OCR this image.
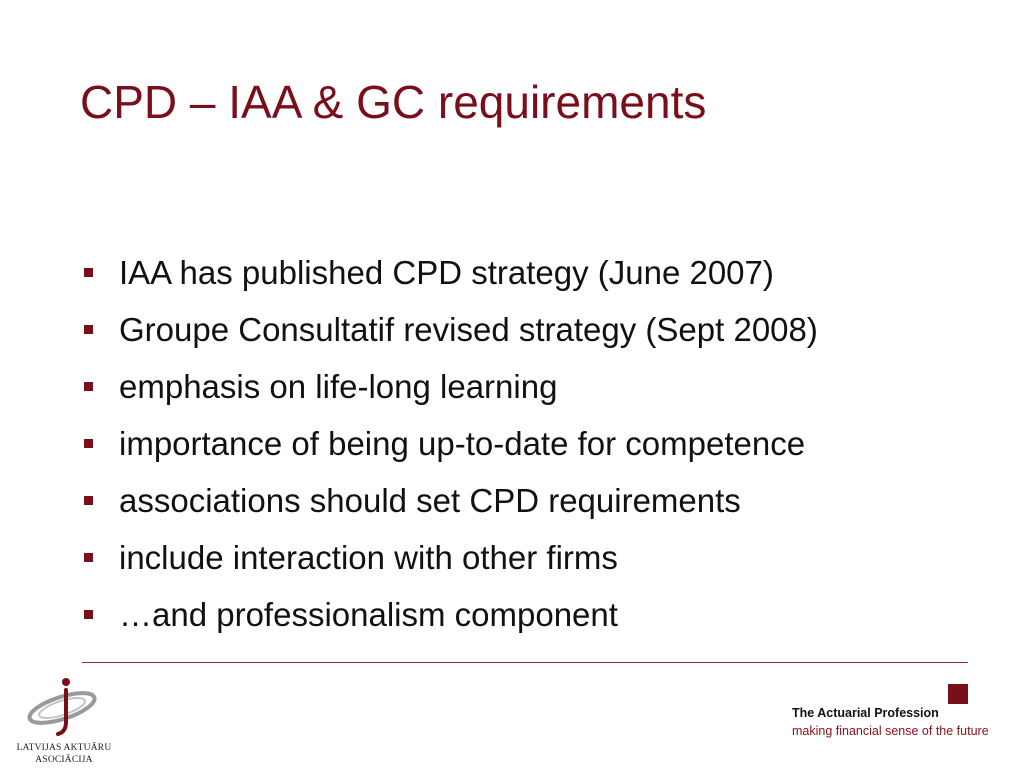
CPD – IAA & GC requirements
IAA has published CPD strategy (June 2007)
Groupe Consultatif revised strategy (Sept 2008)
emphasis on life-long learning
importance of being up-to-date for competence
associations should set CPD requirements
include interaction with other firms
…and professionalism component
LATVIJAS AKTUĀRU
ASOCIĀCIJA
The Actuarial Profession
making financial sense of the future
